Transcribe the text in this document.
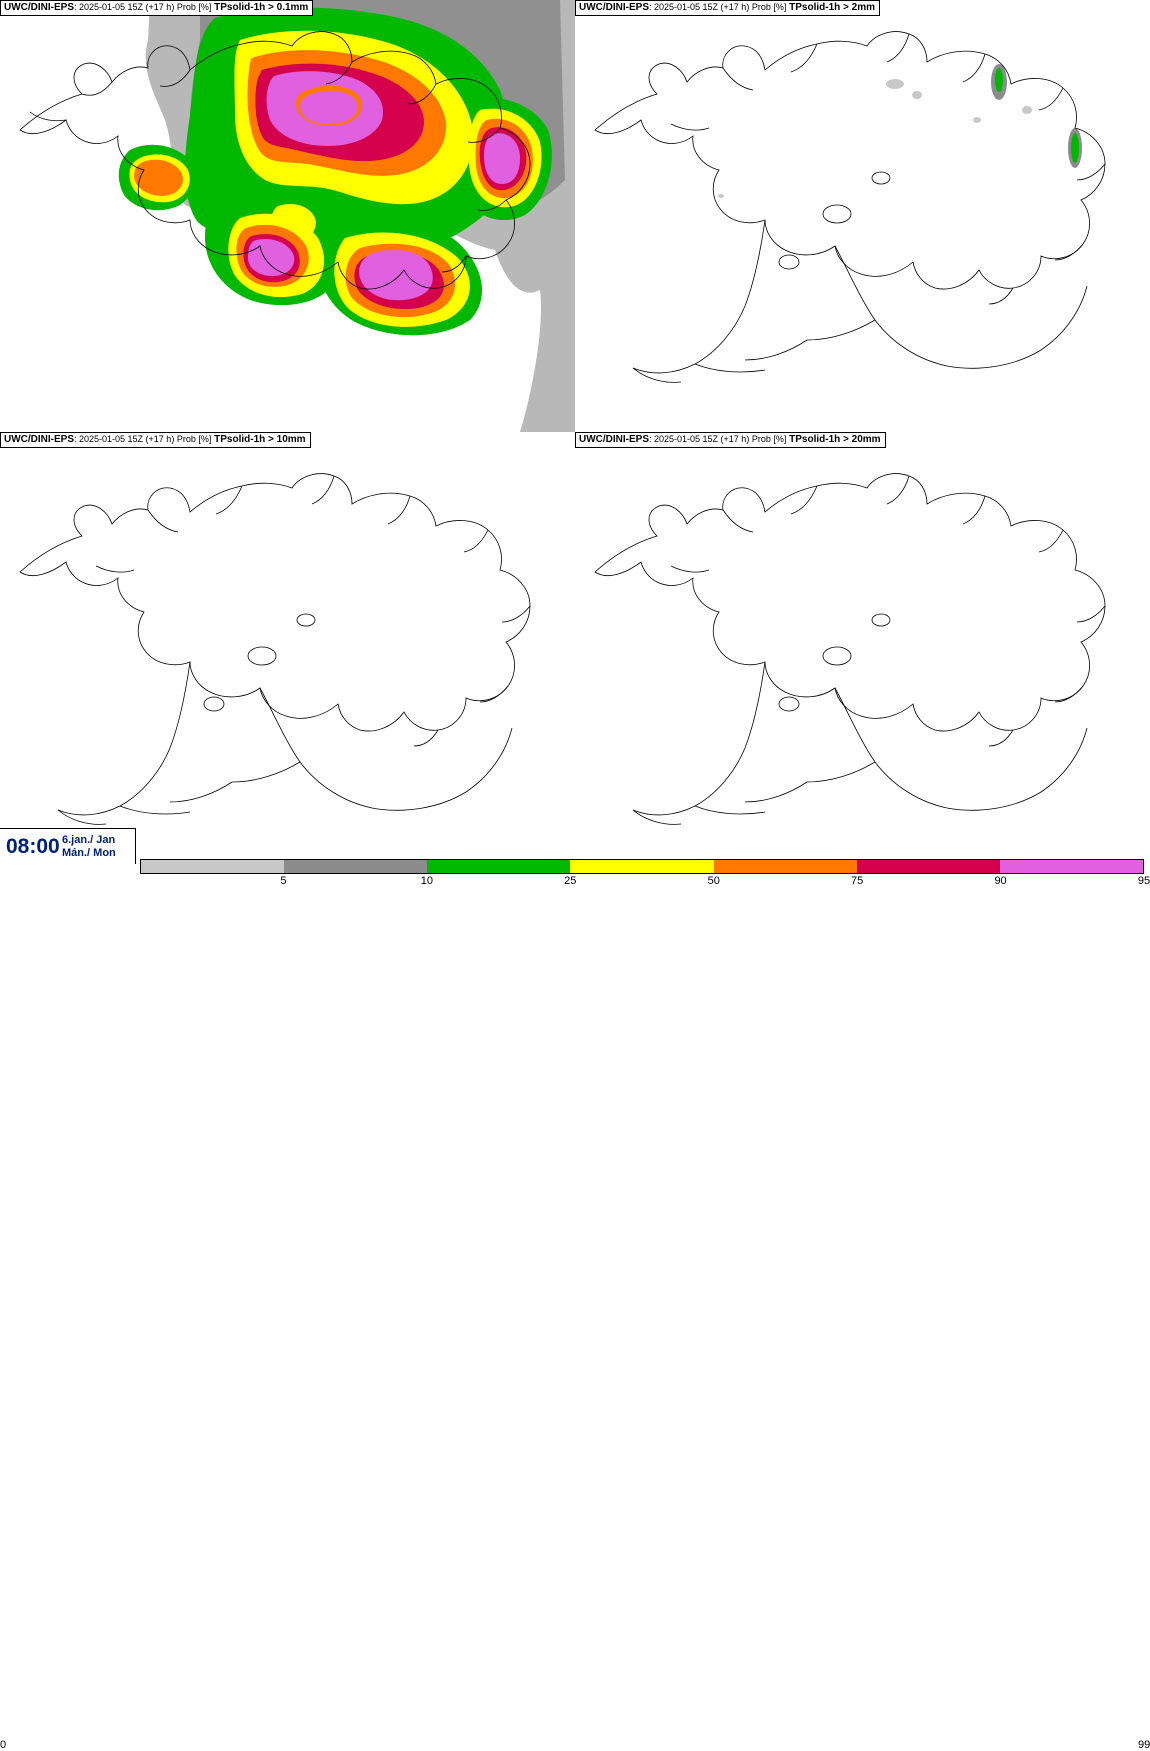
UWC/DINI-EPS: 2025-01-05 15Z (+17 h) Prob [%] TPsolid-1h > 0.1mm	UWC/DINI-EPS: 2025-01-05 15Z (+17 h) Prob [%] TPsolid-1h > 2mm
UWC/DINI-EPS: 2025-01-05 15Z (+17 h) Prob [%] TPsolid-1h > 10mm	UWC/DINI-EPS: 2025-01-05 15Z (+17 h) Prob [%] TPsolid-1h > 20mm
08:00 6.jan./ Jan
Mán./ Mon
0	99
5	10	25	50	75	90	95
